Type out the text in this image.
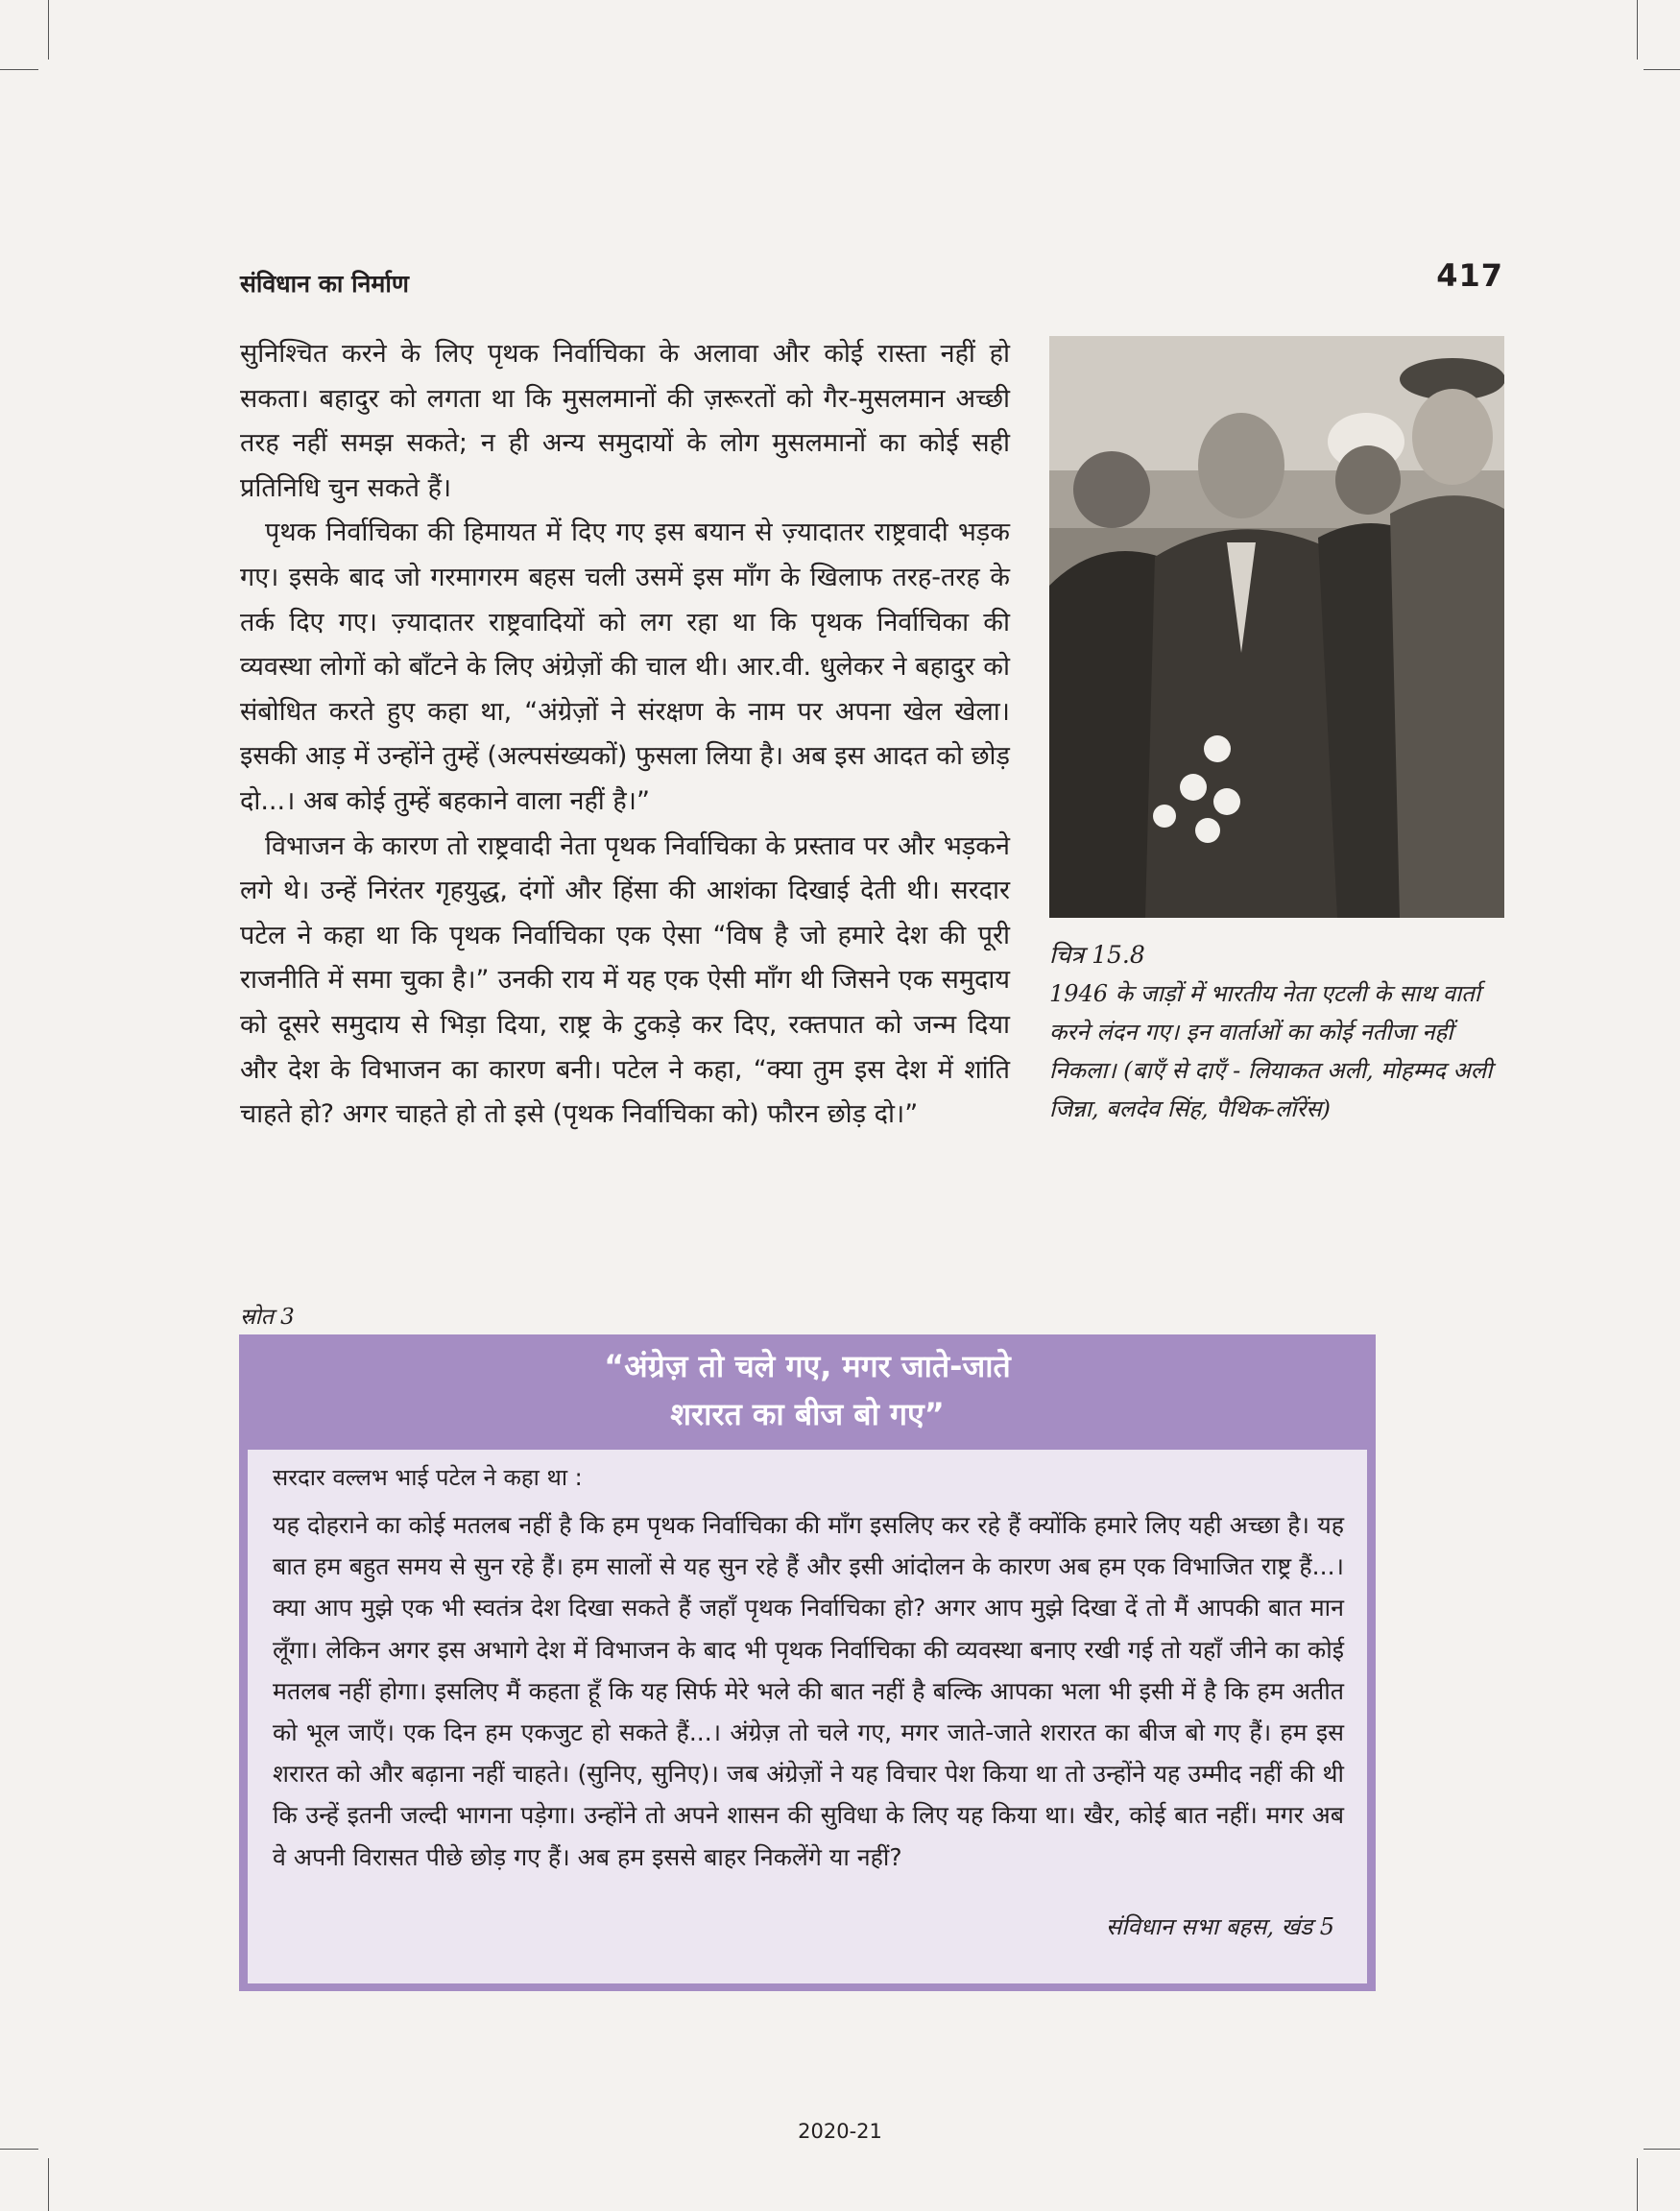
संविधान का निर्माण	417

सुनिश्चित करने के लिए पृथक निर्वाचिका के अलावा और कोई रास्ता नहीं हो सकता। बहादुर को लगता था कि मुसलमानों की ज़रूरतों को गैर-मुसलमान अच्छी तरह नहीं समझ सकते; न ही अन्य समुदायों के लोग मुसलमानों का कोई सही प्रतिनिधि चुन सकते हैं।

पृथक निर्वाचिका की हिमायत में दिए गए इस बयान से ज़्यादातर राष्ट्रवादी भड़क गए। इसके बाद जो गरमागरम बहस चली उसमें इस माँग के खिलाफ तरह-तरह के तर्क दिए गए। ज़्यादातर राष्ट्रवादियों को लग रहा था कि पृथक निर्वाचिका की व्यवस्था लोगों को बाँटने के लिए अंग्रेज़ों की चाल थी। आर.वी. धुलेकर ने बहादुर को संबोधित करते हुए कहा था, “अंग्रेज़ों ने संरक्षण के नाम पर अपना खेल खेला। इसकी आड़ में उन्होंने तुम्हें (अल्पसंख्यकों) फुसला लिया है। अब इस आदत को छोड़ दो...। अब कोई तुम्हें बहकाने वाला नहीं है।”

विभाजन के कारण तो राष्ट्रवादी नेता पृथक निर्वाचिका के प्रस्ताव पर और भड़कने लगे थे। उन्हें निरंतर गृहयुद्ध, दंगों और हिंसा की आशंका दिखाई देती थी। सरदार पटेल ने कहा था कि पृथक निर्वाचिका एक ऐसा “विष है जो हमारे देश की पूरी राजनीति में समा चुका है।” उनकी राय में यह एक ऐसी माँग थी जिसने एक समुदाय को दूसरे समुदाय से भिड़ा दिया, राष्ट्र के टुकड़े कर दिए, रक्तपात को जन्म दिया और देश के विभाजन का कारण बनी। पटेल ने कहा, “क्या तुम इस देश में शांति चाहते हो? अगर चाहते हो तो इसे (पृथक निर्वाचिका को) फौरन छोड़ दो।”

चित्र 15.8
1946 के जाड़ों में भारतीय नेता एटली के साथ वार्ता करने लंदन गए। इन वार्ताओं का कोई नतीजा नहीं निकला। (बाएँ से दाएँ - लियाकत अली, मोहम्मद अली जिन्ना, बलदेव सिंह, पैथिक-लॉरेंस)
स्रोत 3
“अंग्रेज़ तो चले गए, मगर जाते-जाते
शरारत का बीज बो गए”
सरदार वल्लभ भाई पटेल ने कहा था :

यह दोहराने का कोई मतलब नहीं है कि हम पृथक निर्वाचिका की माँग इसलिए कर रहे हैं क्योंकि हमारे लिए यही अच्छा है। यह बात हम बहुत समय से सुन रहे हैं। हम सालों से यह सुन रहे हैं और इसी आंदोलन के कारण अब हम एक विभाजित राष्ट्र हैं...। क्या आप मुझे एक भी स्वतंत्र देश दिखा सकते हैं जहाँ पृथक निर्वाचिका हो? अगर आप मुझे दिखा दें तो मैं आपकी बात मान लूँगा। लेकिन अगर इस अभागे देश में विभाजन के बाद भी पृथक निर्वाचिका की व्यवस्था बनाए रखी गई तो यहाँ जीने का कोई मतलब नहीं होगा। इसलिए मैं कहता हूँ कि यह सिर्फ मेरे भले की बात नहीं है बल्कि आपका भला भी इसी में है कि हम अतीत को भूल जाएँ। एक दिन हम एकजुट हो सकते हैं...। अंग्रेज़ तो चले गए, मगर जाते-जाते शरारत का बीज बो गए हैं। हम इस शरारत को और बढ़ाना नहीं चाहते। (सुनिए, सुनिए)। जब अंग्रेज़ों ने यह विचार पेश किया था तो उन्होंने यह उम्मीद नहीं की थी कि उन्हें इतनी जल्दी भागना पड़ेगा। उन्होंने तो अपने शासन की सुविधा के लिए यह किया था। खैर, कोई बात नहीं। मगर अब वे अपनी विरासत पीछे छोड़ गए हैं। अब हम इससे बाहर निकलेंगे या नहीं?

संविधान सभा बहस, खंड 5
2020-21
